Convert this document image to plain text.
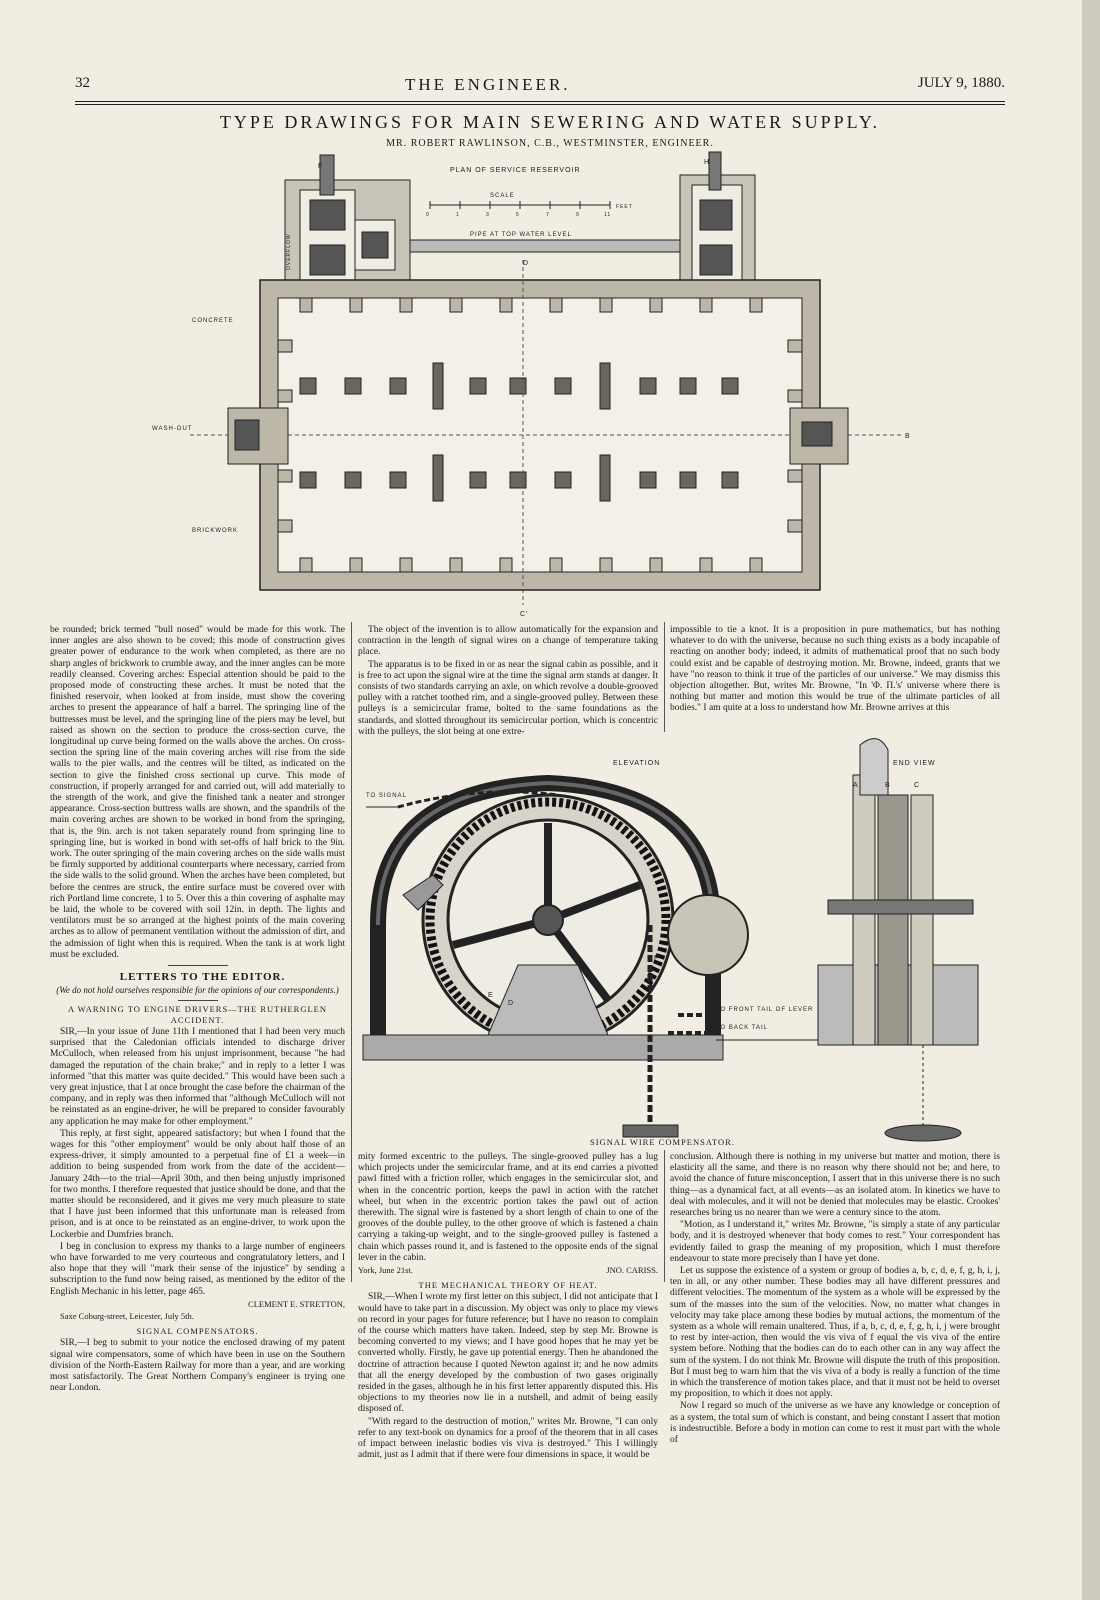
32	THE ENGINEER.	JULY 9, 1880.
TYPE DRAWINGS FOR MAIN SEWERING AND WATER SUPPLY.
MR. ROBERT RAWLINSON, C.B., WESTMINSTER, ENGINEER.
PLAN OF SERVICE RESERVOIR
SCALE
0	1	3	5	7	9	11
FEET
PIPE AT TOP WATER LEVEL
D
F
OVERFLOW
H
WASH-OUT
CONCRETE
BRICKWORK
B
C'

be rounded; brick termed "bull nosed" would be made for this work. The inner angles are also shown to be coved; this mode of construction gives greater power of endurance to the work when completed, as there are no sharp angles of brickwork to crumble away, and the inner angles can be more readily cleansed. Covering arches: Especial attention should be paid to the proposed mode of constructing these arches. It must be noted that the finished reservoir, when looked at from inside, must show the covering arches to present the appearance of half a barrel. The springing line of the buttresses must be level, and the springing line of the piers may be level, but raised as shown on the section to produce the cross-section curve, the longitudinal up curve being formed on the walls above the arches. On cross-section the spring line of the main covering arches will rise from the side walls to the pier walls, and the centres will be tilted, as indicated on the section to give the finished cross sectional up curve. This mode of construction, if properly arranged for and carried out, will add materially to the strength of the work, and give the finished tank a neater and stronger appearance. Cross-section buttress walls are shown, and the spandrils of the main covering arches are shown to be worked in bond from the springing, that is, the 9in. arch is not taken separately round from springing line to springing line, but is worked in bond with set-offs of half brick to the 9in. work. The outer springing of the main covering arches on the side walls must be firmly supported by additional counterparts where necessary, carried from the side walls to the solid ground. When the arches have been completed, but before the centres are struck, the entire surface must be covered over with rich Portland lime concrete, 1 to 5. Over this a thin covering of asphalte may be laid, the whole to be covered with soil 12in. in depth. The lights and ventilators must be so arranged at the highest points of the main covering arches as to allow of permanent ventilation without the admission of dirt, and the admission of light when this is required. When the tank is at work light must be excluded.

LETTERS TO THE EDITOR.

(We do not hold ourselves responsible for the opinions of our correspondents.)

A WARNING TO ENGINE DRIVERS—THE RUTHERGLEN ACCIDENT.

SIR,—In your issue of June 11th I mentioned that I had been very much surprised that the Caledonian officials intended to discharge driver McCulloch, when released from his unjust imprisonment, because "he had damaged the reputation of the chain brake;" and in reply to a letter I was informed "that this matter was quite decided." This would have been such a very great injustice, that I at once brought the case before the chairman of the company, and in reply was then informed that "although McCulloch will not be reinstated as an engine-driver, he will be prepared to consider favourably any application he may make for other employment."

This reply, at first sight, appeared satisfactory; but when I found that the wages for this "other employment" would be only about half those of an express-driver, it simply amounted to a perpetual fine of £1 a week—in addition to being suspended from work from the date of the accident—January 24th—to the trial—April 30th, and then being unjustly imprisoned for two months. I therefore requested that justice should be done, and that the matter should be reconsidered, and it gives me very much pleasure to state that I have just been informed that this unfortunate man is released from prison, and is at once to be reinstated as an engine-driver, to work upon the Lockerbie and Dumfries branch.

I beg in conclusion to express my thanks to a large number of engineers who have forwarded to me very courteous and congratulatory letters, and I also hope that they will "mark their sense of the injustice" by sending a subscription to the fund now being raised, as mentioned by the editor of the English Mechanic in his letter, page 465.

CLEMENT E. STRETTON,

Saxe Coburg-street, Leicester, July 5th.

SIGNAL COMPENSATORS.

SIR,—I beg to submit to your notice the enclosed drawing of my patent signal wire compensators, some of which have been in use on the Southern division of the North-Eastern Railway for more than a year, and are working most satisfactorily. The Great Northern Company's engineer is trying one near London.

The object of the invention is to allow automatically for the expansion and contraction in the length of signal wires on a change of temperature taking place.

The apparatus is to be fixed in or as near the signal cabin as possible, and it is free to act upon the signal wire at the time the signal arm stands at danger. It consists of two standards carrying an axle, on which revolve a double-grooved pulley with a ratchet toothed rim, and a single-grooved pulley. Between these pulleys is a semicircular frame, bolted to the same foundations as the standards, and slotted throughout its semicircular portion, which is concentric with the pulleys, the slot being at one extre-

impossible to tie a knot. It is a proposition in pure mathematics, but has nothing whatever to do with the universe, because no such thing exists as a body incapable of reacting on another body; indeed, it admits of mathematical proof that no such body could exist and be capable of destroying motion. Mr. Browne, indeed, grants that we have "no reason to think it true of the particles of our universe." We may dismiss this objection altogether. But, writes Mr. Browne, "In 'Φ. Π.'s' universe where there is nothing but matter and motion this would be true of the ultimate particles of all bodies." I am quite at a loss to understand how Mr. Browne arrives at this

ELEVATION	END VIEW
TO SIGNAL
TO FRONT TAIL OF LEVER
TO BACK TAIL
A	B	C
D
E
F
SIGNAL WIRE COMPENSATOR.

mity formed excentric to the pulleys. The single-grooved pulley has a lug which projects under the semicircular frame, and at its end carries a pivotted pawl fitted with a friction roller, which engages in the semicircular slot, and when in the concentric portion, keeps the pawl in action with the ratchet wheel, but when in the excentric portion takes the pawl out of action therewith. The signal wire is fastened by a short length of chain to one of the grooves of the double pulley, to the other groove of which is fastened a chain carrying a taking-up weight, and to the single-grooved pulley is fastened a chain which passes round it, and is fastened to the opposite ends of the signal lever in the cabin.

York, June 21st.	JNO. CARISS.

THE MECHANICAL THEORY OF HEAT.

SIR,—When I wrote my first letter on this subject, I did not anticipate that I would have to take part in a discussion. My object was only to place my views on record in your pages for future reference; but I have no reason to complain of the course which matters have taken. Indeed, step by step Mr. Browne is becoming converted to my views; and I have good hopes that he may yet be converted wholly. Firstly, he gave up potential energy. Then he abandoned the doctrine of attraction because I quoted Newton against it; and he now admits that all the energy developed by the combustion of two gases originally resided in the gases, although he in his first letter apparently disputed this. His objections to my theories now lie in a nutshell, and admit of being easily disposed of.

"With regard to the destruction of motion," writes Mr. Browne, "I can only refer to any text-book on dynamics for a proof of the theorem that in all cases of impact between inelastic bodies vis viva is destroyed." This I willingly admit, just as I admit that if there were four dimensions in space, it would be

conclusion. Although there is nothing in my universe but matter and motion, there is elasticity all the same, and there is no reason why there should not be; and here, to avoid the chance of future misconception, I assert that in this universe there is no such thing—as a dynamical fact, at all events—as an isolated atom. In kinetics we have to deal with molecules, and it will not be denied that molecules may be elastic. Crookes' researches bring us no nearer than we were a century since to the atom.

"Motion, as I understand it," writes Mr. Browne, "is simply a state of any particular body, and it is destroyed whenever that body comes to rest." Your correspondent has evidently failed to grasp the meaning of my proposition, which I must therefore endeavour to state more precisely than I have yet done.

Let us suppose the existence of a system or group of bodies a, b, c, d, e, f, g, h, i, j, ten in all, or any other number. These bodies may all have different pressures and different velocities. The momentum of the system as a whole will be expressed by the sum of the masses into the sum of the velocities. Now, no matter what changes in velocity may take place among these bodies by mutual actions, the momentum of the system as a whole will remain unaltered. Thus, if a, b, c, d, e, f, g, h, i, j were brought to rest by inter-action, then would the vis viva of f equal the vis viva of the entire system before. Nothing that the bodies can do to each other can in any way affect the sum of the system. I do not think Mr. Browne will dispute the truth of this proposition. But I must beg to warn him that the vis viva of a body is really a function of the time in which the transference of motion takes place, and that it must not be held to overset my proposition, to which it does not apply.

Now I regard so much of the universe as we have any knowledge or conception of as a system, the total sum of which is constant, and being constant I assert that motion is indestructible. Before a body in motion can come to rest it must part with the whole of
